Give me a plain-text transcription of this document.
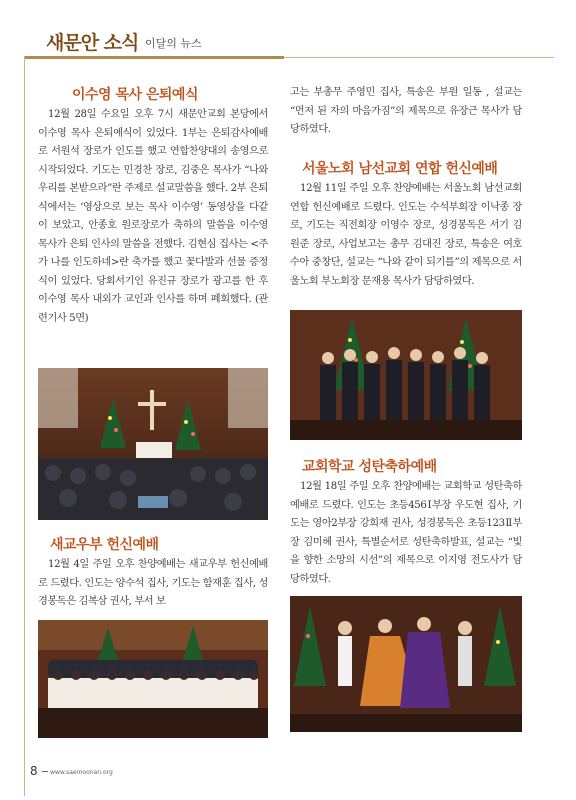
새문안 소식 이달의 뉴스
이수영 목사 은퇴예식

12월 28일 수요일 오후 7시 새문안교회 본당에서 이수영 목사 은퇴예식이 있었다. 1부는 은퇴감사예배로 서원석 장로가 인도를 했고 연합찬양대의 송영으로 시작되었다. 기도는 민경찬 장로, 김중은 목사가 “나와 우리를 본받으라”란 주제로 설교말씀을 했다. 2부 은퇴식에서는 ‘영상으로 보는 목사 이수영’ 동영상을 다같이 보았고, 안종호 원로장로가 축하의 말씀을 이수영 목사가 은퇴 인사의 말씀을 전했다. 김현심 집사는 <주가 나를 인도하네>란 축가를 했고 꽃다발과 선물 증정식이 있었다. 당회서기인 유진규 장로가 광고를 한 후 이수영 목사 내외가 교인과 인사를 하며 폐회했다. (관련기사 5면)

새교우부 헌신예배

12월 4일 주일 오후 찬양예배는 새교우부 헌신예배로 드렸다. 인도는 양수석 집사, 기도는 함재훈 집사, 성경봉독은 김복삼 권사, 부서 보

고는 부총무 주영민 집사, 특송은 부원 일동 , 설교는 “먼저 된 자의 마음가짐”의 제목으로 유장근 목사가 담당하였다.

서울노회 남선교회 연합 헌신예배

12월 11일 주일 오후 찬양예배는 서울노회 남선교회 연합 헌신예배로 드렸다. 인도는 수석부회장 이낙종 장로, 기도는 직전회장 이영수 장로, 성경봉독은 서기 김원준 장로, 사업보고는 총무 김대진 장로, 특송은 여호수아 중창단, 설교는 “나와 같이 되기를”의 제목으로 서울노회 부노회장 문재용 목사가 담당하였다.

교회학교 성탄축하예배

12월 18일 주일 오후 찬양예배는 교회학교 성탄축하예배로 드렸다. 인도는 초등456Ⅰ부장 우도현 집사, 기도는 영아2부장 강희재 권사, 성경봉독은 초등123Ⅱ부장 김미혜 권사, 특별순서로 성탄축하발표, 설교는 “빛을 향한 소망의 시선”의 제목으로 이지영 전도사가 담당하였다.

8 www.saemoonan.org
